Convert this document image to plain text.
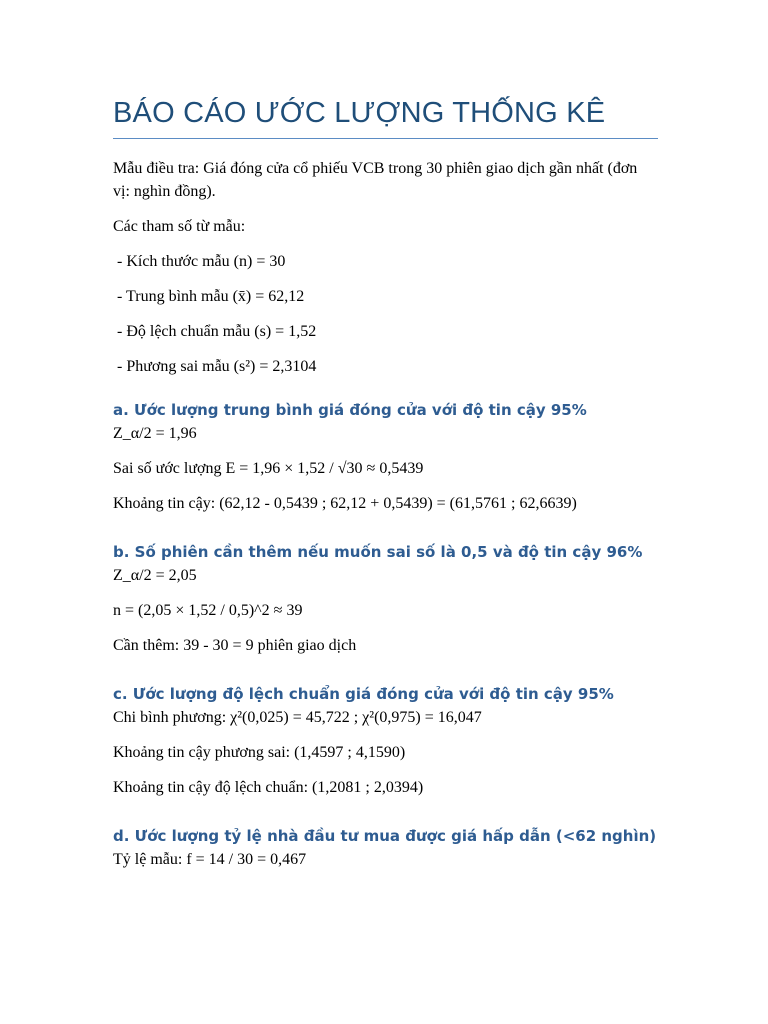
BÁO CÁO ƯỚC LƯỢNG THỐNG KÊ

Mẫu điều tra: Giá đóng cửa cổ phiếu VCB trong 30 phiên giao dịch gần nhất (đơn vị: nghìn đồng).

Các tham số từ mẫu:

- Kích thước mẫu (n) = 30

- Trung bình mẫu (x̄) = 62,12

- Độ lệch chuẩn mẫu (s) = 1,52

- Phương sai mẫu (s²) = 2,3104

a. Ước lượng trung bình giá đóng cửa với độ tin cậy 95%

Z_α/2 = 1,96

Sai số ước lượng E = 1,96 × 1,52 / √30 ≈ 0,5439

Khoảng tin cậy: (62,12 - 0,5439 ; 62,12 + 0,5439) = (61,5761 ; 62,6639)

b. Số phiên cần thêm nếu muốn sai số là 0,5 và độ tin cậy 96%

Z_α/2 = 2,05

n = (2,05 × 1,52 / 0,5)^2 ≈ 39

Cần thêm: 39 - 30 = 9 phiên giao dịch

c. Ước lượng độ lệch chuẩn giá đóng cửa với độ tin cậy 95%

Chi bình phương: χ²(0,025) = 45,722 ; χ²(0,975) = 16,047

Khoảng tin cậy phương sai: (1,4597 ; 4,1590)

Khoảng tin cậy độ lệch chuẩn: (1,2081 ; 2,0394)

d. Ước lượng tỷ lệ nhà đầu tư mua được giá hấp dẫn (<62 nghìn)

Tỷ lệ mẫu: f = 14 / 30 = 0,467
